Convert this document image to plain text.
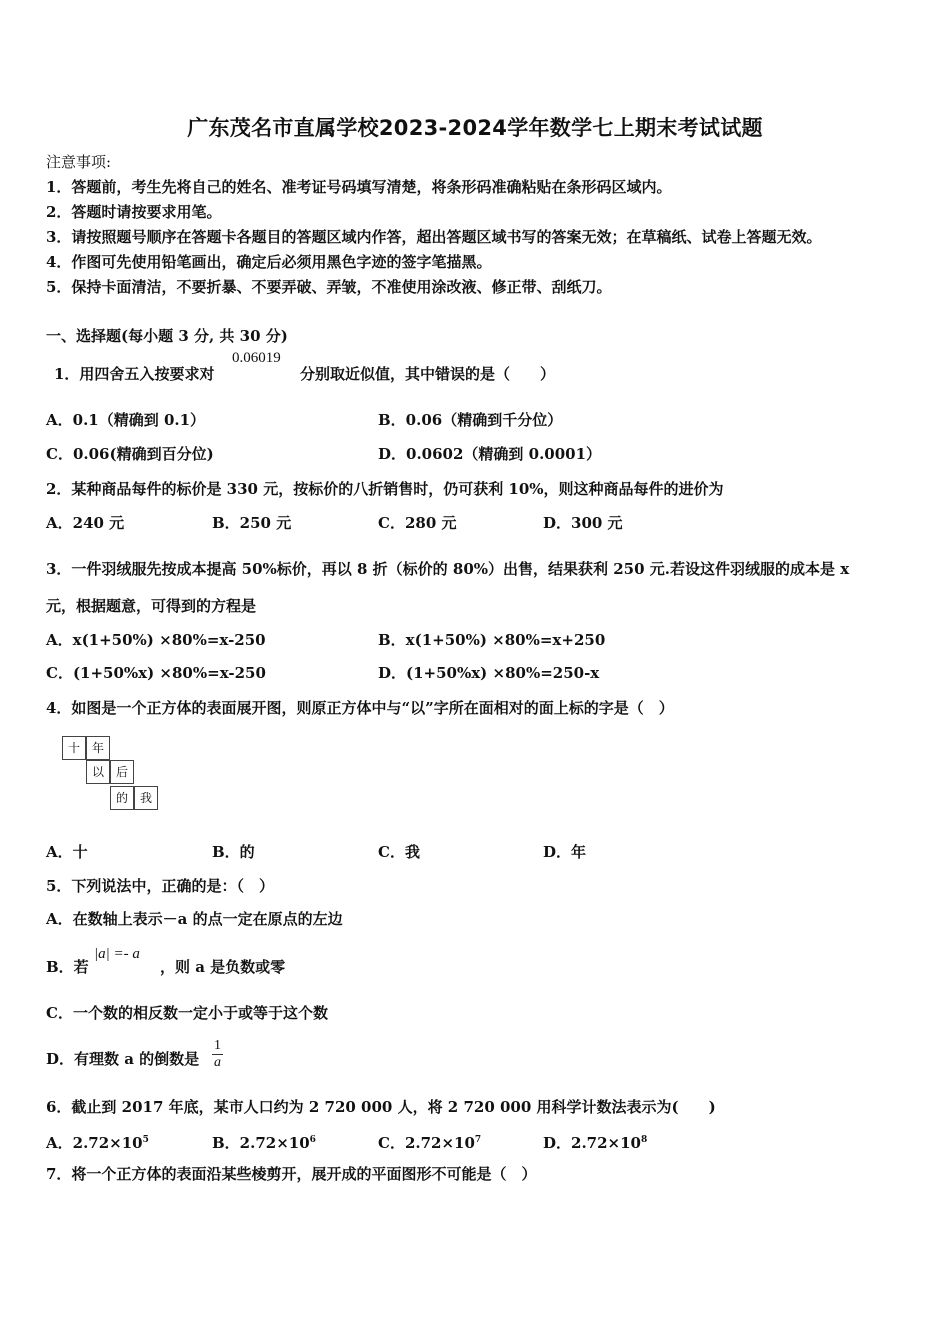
广东茂名市直属学校2023-2024学年数学七上期末考试试题
注意事项:
1．答题前，考生先将自己的姓名、准考证号码填写清楚，将条形码准确粘贴在条形码区域内。
2．答题时请按要求用笔。
3．请按照题号顺序在答题卡各题目的答题区域内作答，超出答题区域书写的答案无效；在草稿纸、试卷上答题无效。
4．作图可先使用铅笔画出，确定后必须用黑色字迹的签字笔描黑。
5．保持卡面清洁，不要折暴、不要弄破、弄皱，不准使用涂改液、修正带、刮纸刀。
一、选择题(每小题 3 分, 共 30 分)
1．用四舍五入按要求对
0.06019
分别取近似值，其中错误的是（　　）
A．0.1（精确到 0.1）	B．0.06（精确到千分位）
C．0.06(精确到百分位)	D．0.0602（精确到 0.0001）
2．某种商品每件的标价是 330 元，按标价的八折销售时，仍可获利 10%，则这种商品每件的进价为
A．240 元	B．250 元	C．280 元	D．300 元
3．一件羽绒服先按成本提高 50%标价，再以 8 折（标价的 80%）出售，结果获利 250 元.若设这件羽绒服的成本是 x
元，根据题意，可得到的方程是
A．x(1+50%) ×80%=x-250	B．x(1+50%) ×80%=x+250
C．(1+50%x) ×80%=x-250	D．(1+50%x) ×80%=250-x
4．如图是一个正方体的表面展开图，则原正方体中与“以”字所在面相对的面上标的字是（　）
十 年
以 后
的 我
A．十	B．的	C．我	D．年
5．下列说法中，正确的是：（　）
A．在数轴上表示－a 的点一定在原点的左边
B．若
|a| =- a
，则 a 是负数或零
C．一个数的相反数一定小于或等于这个数
D．有理数 a 的倒数是 $\frac{1}{a}$
6．截止到 2017 年底，某市人口约为 2 720 000 人，将 2 720 000 用科学计数法表示为(　　)
A．$2.72\times 10^5$	B．$2.72\times 10^6$	C．$2.72\times 10^7$	D．$2.72\times 10^8$
7．将一个正方体的表面沿某些棱剪开，展开成的平面图形不可能是（　）
